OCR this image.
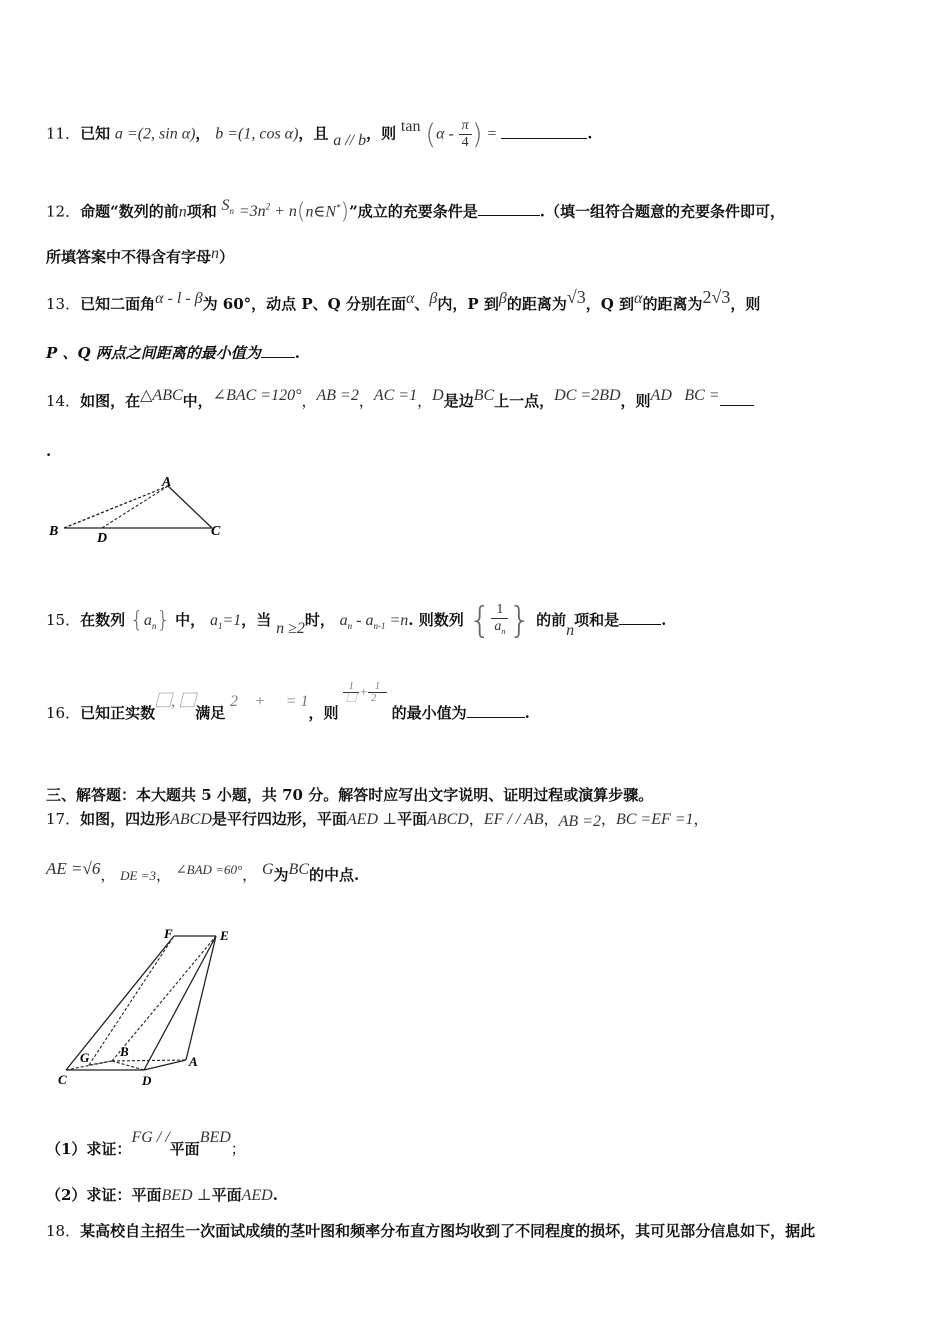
11．已知 a =(2, sin α)， b =(1, cos α)，且 a // b，则 $\tan (\alpha - \frac{\pi}{4}$ ) =	.
12．命题“数列的前n项和 $S_n =3n^2$ + n(n∈N*)”成立的充要条件是	.（填一组符合题意的充要条件即可，
所填答案中不得含有字母n）
13．已知二面角α - l - β为 60°，动点 P、Q 分别在面α、β内，P 到β的距离为√3，Q 到α的距离为2√3，则
P 、Q 两点之间距离的最小值为 .
14．如图，在△ABC中，∠BAC =120°，AB =2，AC =1，D是边BC上一点，DC =2BD，则AD⃞BC =
.
A
B	C
D
15．在数列 $\{a_n\}$ 中， $a_1=1$，当 n ≥2时， $a_n - a_{n-1} =n$. 则数列 { $\frac{1}{a_n}$ } 的前n项和是	.
16．已知正实数⃞, ⃞满足 2⃞ + ⃞ = 1，则
$\frac{1}{⃞} + \frac{1}{2⃞}$
的最小值为	.
三、解答题：本大题共 5 小题，共 70 分。解答时应写出文字说明、证明过程或演算步骤。
17．如图，四边形ABCD是平行四边形，平面AED ⊥平面ABCD，EF / / AB，AB =2，BC =EF =1，
AE =√6， DE =3， ∠BAD =60°， G为BC的中点.
F	E
G B
A
C	D
（1）求证：FG / /平面BED；
（2）求证：平面BED ⊥平面AED.
18．某高校自主招生一次面试成绩的茎叶图和频率分布直方图均收到了不同程度的损坏，其可见部分信息如下，据此
